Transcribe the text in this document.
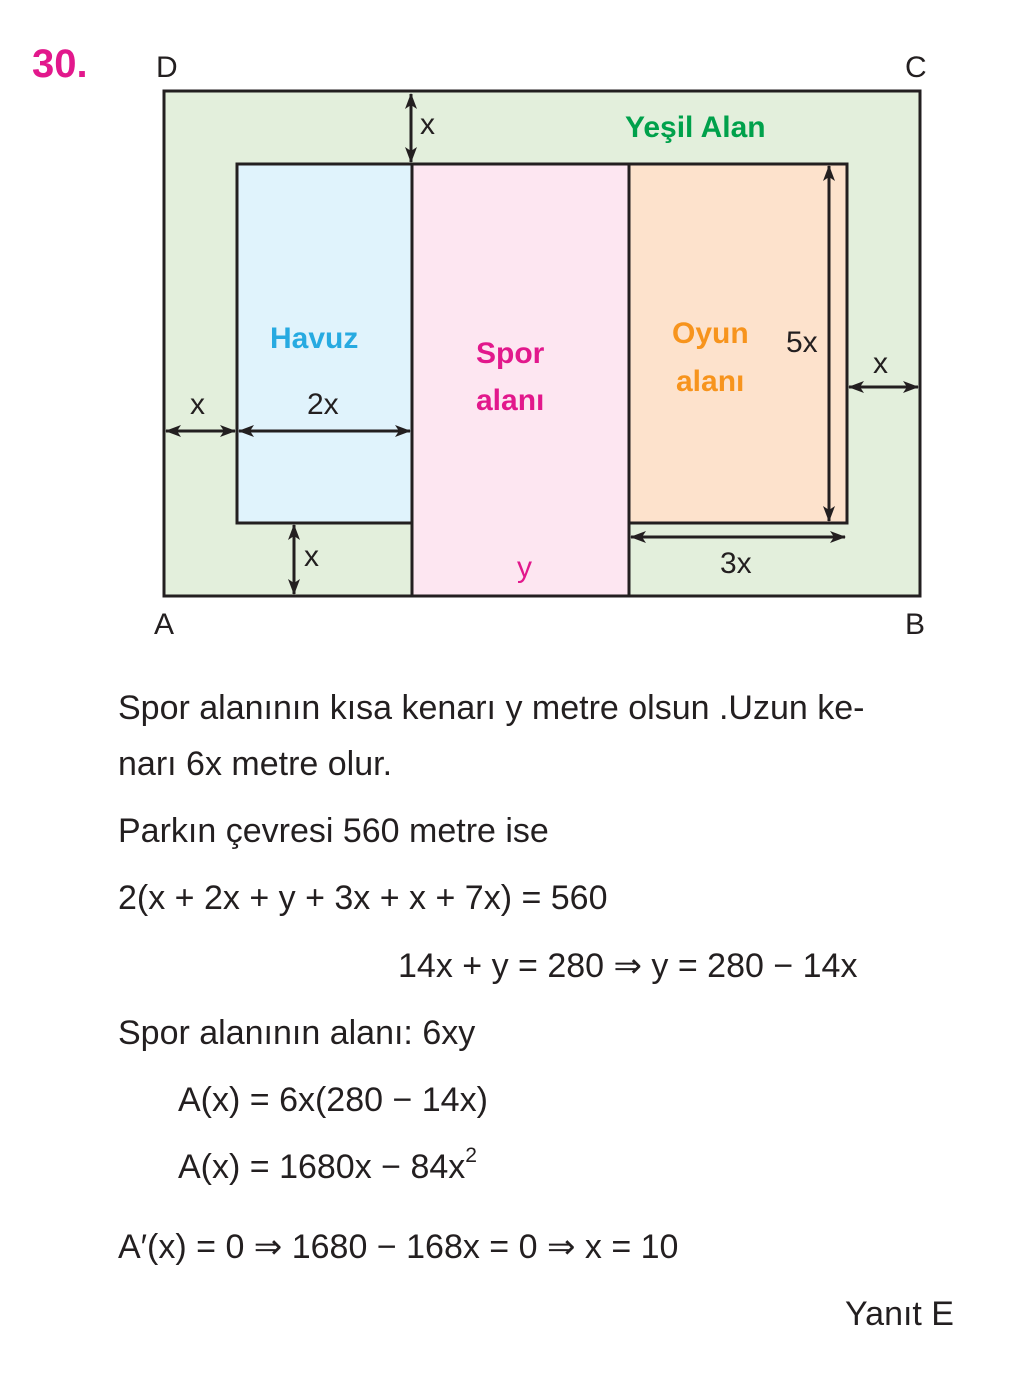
30. D	C
A	B
Yeşil Alan
Havuz	Spor
alanı
Oyun
alanı
x
x	2x
x	y	3x
5x
x
Spor alanının kısa kenarı y metre olsun .Uzun ke-
narı 6x metre olur.
Parkın çevresi 560 metre ise
2(x + 2x + y + 3x + x + 7x) = 560
14x + y = 280 ⇒ y = 280 − 14x
Spor alanının alanı: 6xy
A(x) = 6x(280 − 14x)
$A(x) = 1680x - 84x^2$
A′(x) = 0 ⇒ 1680 − 168x = 0 ⇒ x = 10
Yanıt E
